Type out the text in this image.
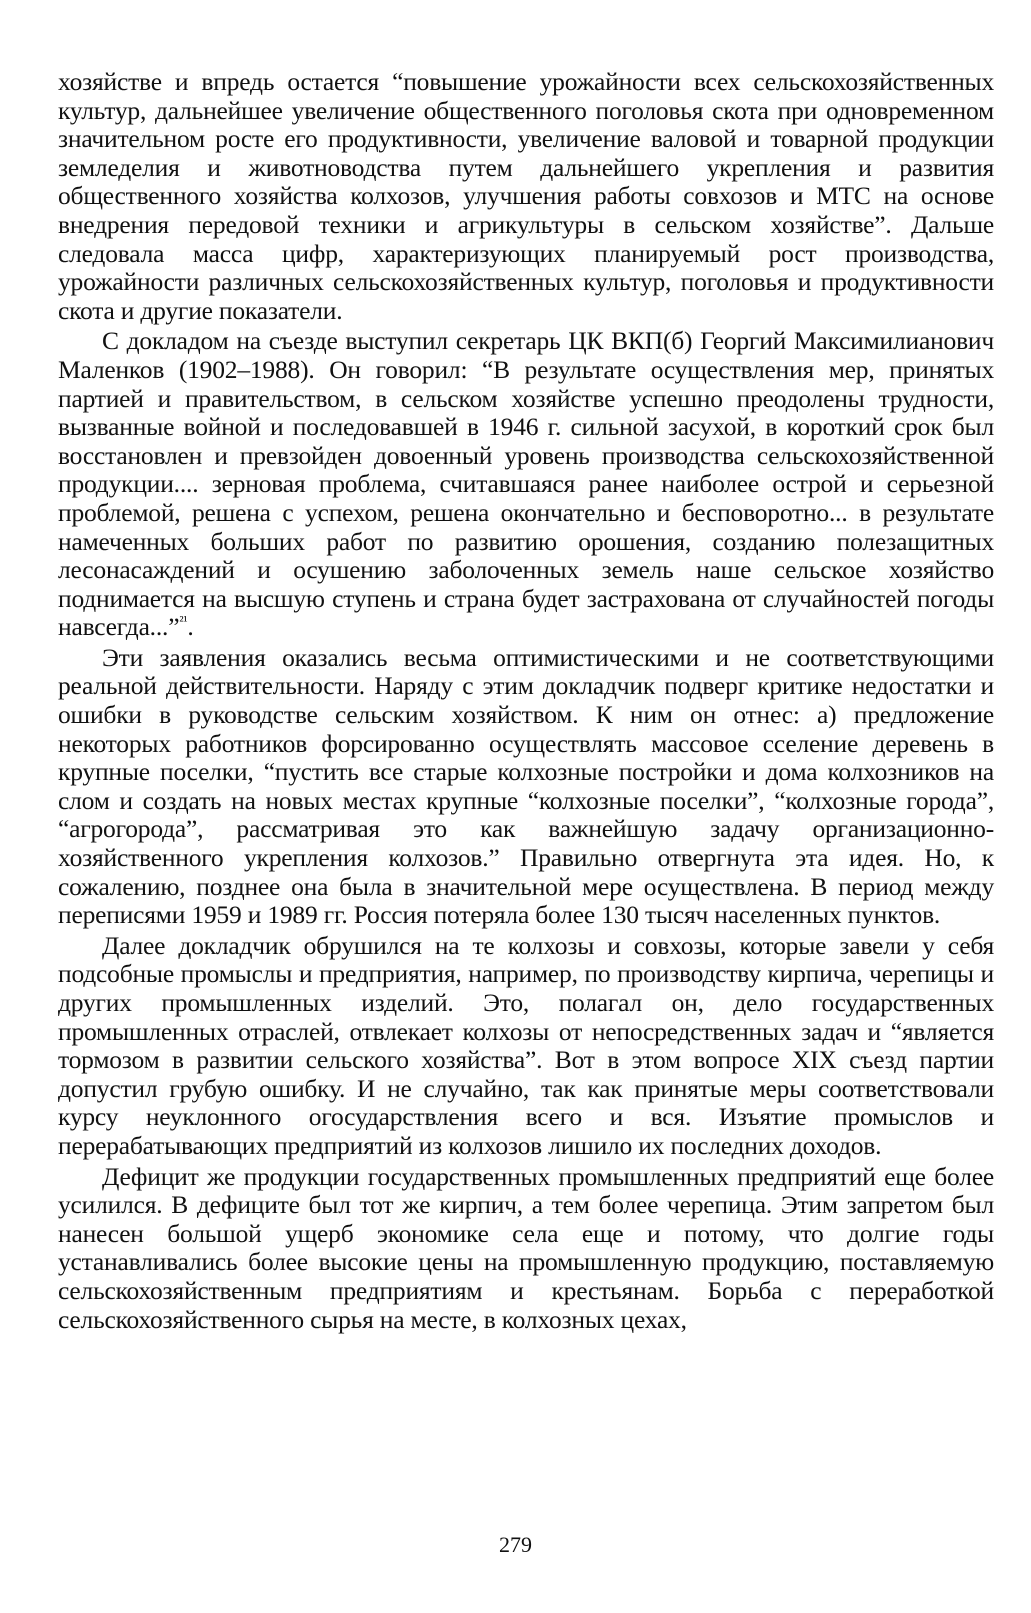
хозяйстве и впредь остается “повышение урожайности всех сельскохозяйственных культур, дальнейшее увеличение общественного поголовья скота при одновременном значительном росте его продуктивности, увеличение валовой и товарной продукции земледелия и животноводства путем дальнейшего укрепления и развития общественного хозяйства колхозов, улучшения работы совхозов и МТС на основе внедрения передовой техники и агрикультуры в сельском хозяйстве”. Дальше следовала масса цифр, характеризующих планируемый рост производства, урожайности различных сельскохозяйственных культур, поголовья и продуктивности скота и другие показатели.

С докладом на съезде выступил секретарь ЦК ВКП(б) Георгий Максимилианович Маленков (1902–1988). Он говорил: “В результате осуществления мер, принятых партией и правительством, в сельском хозяйстве успешно преодолены трудности, вызванные войной и последовавшей в 1946 г. сильной засухой, в короткий срок был восстановлен и превзойден довоенный уровень производства сельскохозяйственной продукции.... зерновая проблема, считавшаяся ранее наиболее острой и серьезной проблемой, решена с успехом, решена окончательно и бесповоротно... в результате намеченных больших работ по развитию орошения, созданию полезащитных лесонасаждений и осушению заболоченных земель наше сельское хозяйство поднимается на высшую ступень и страна будет застрахована от случайностей погоды навсегда...”$^{^{21}}$.

Эти заявления оказались весьма оптимистическими и не соответствующими реальной действительности. Наряду с этим докладчик подверг критике недостатки и ошибки в руководстве сельским хозяйством. К ним он отнес: а) предложение некоторых работников форсированно осуществлять массовое сселение деревень в крупные поселки, “пустить все старые колхозные постройки и дома колхозников на слом и создать на новых местах крупные “колхозные поселки”, “колхозные города”, “агрогорода”, рассматривая это как важнейшую задачу организационно-хозяйственного укрепления колхозов.” Правильно отвергнута эта идея. Но, к сожалению, позднее она была в значительной мере осуществлена. В период между переписями 1959 и 1989 гг. Россия потеряла более 130 тысяч населенных пунктов.

Далее докладчик обрушился на те колхозы и совхозы, которые завели у себя подсобные промыслы и предприятия, например, по производству кирпича, черепицы и других промышленных изделий. Это, полагал он, дело государственных промышленных отраслей, отвлекает колхозы от непосредственных задач и “является тормозом в развитии сельского хозяйства”. Вот в этом вопросе XIX съезд партии допустил грубую ошибку. И не случайно, так как принятые меры соответствовали курсу неуклонного огосударствления всего и вся. Изъятие промыслов и перерабатывающих предприятий из колхозов лишило их последних доходов.

Дефицит же продукции государственных промышленных предприятий еще более усилился. В дефиците был тот же кирпич, а тем более черепица. Этим запретом был нанесен большой ущерб экономике села еще и потому, что долгие годы устанавливались более высокие цены на промышленную продукцию, поставляемую сельскохозяйственным предприятиям и крестьянам. Борьба с переработкой сельскохозяйственного сырья на месте, в колхозных цехах,

279
